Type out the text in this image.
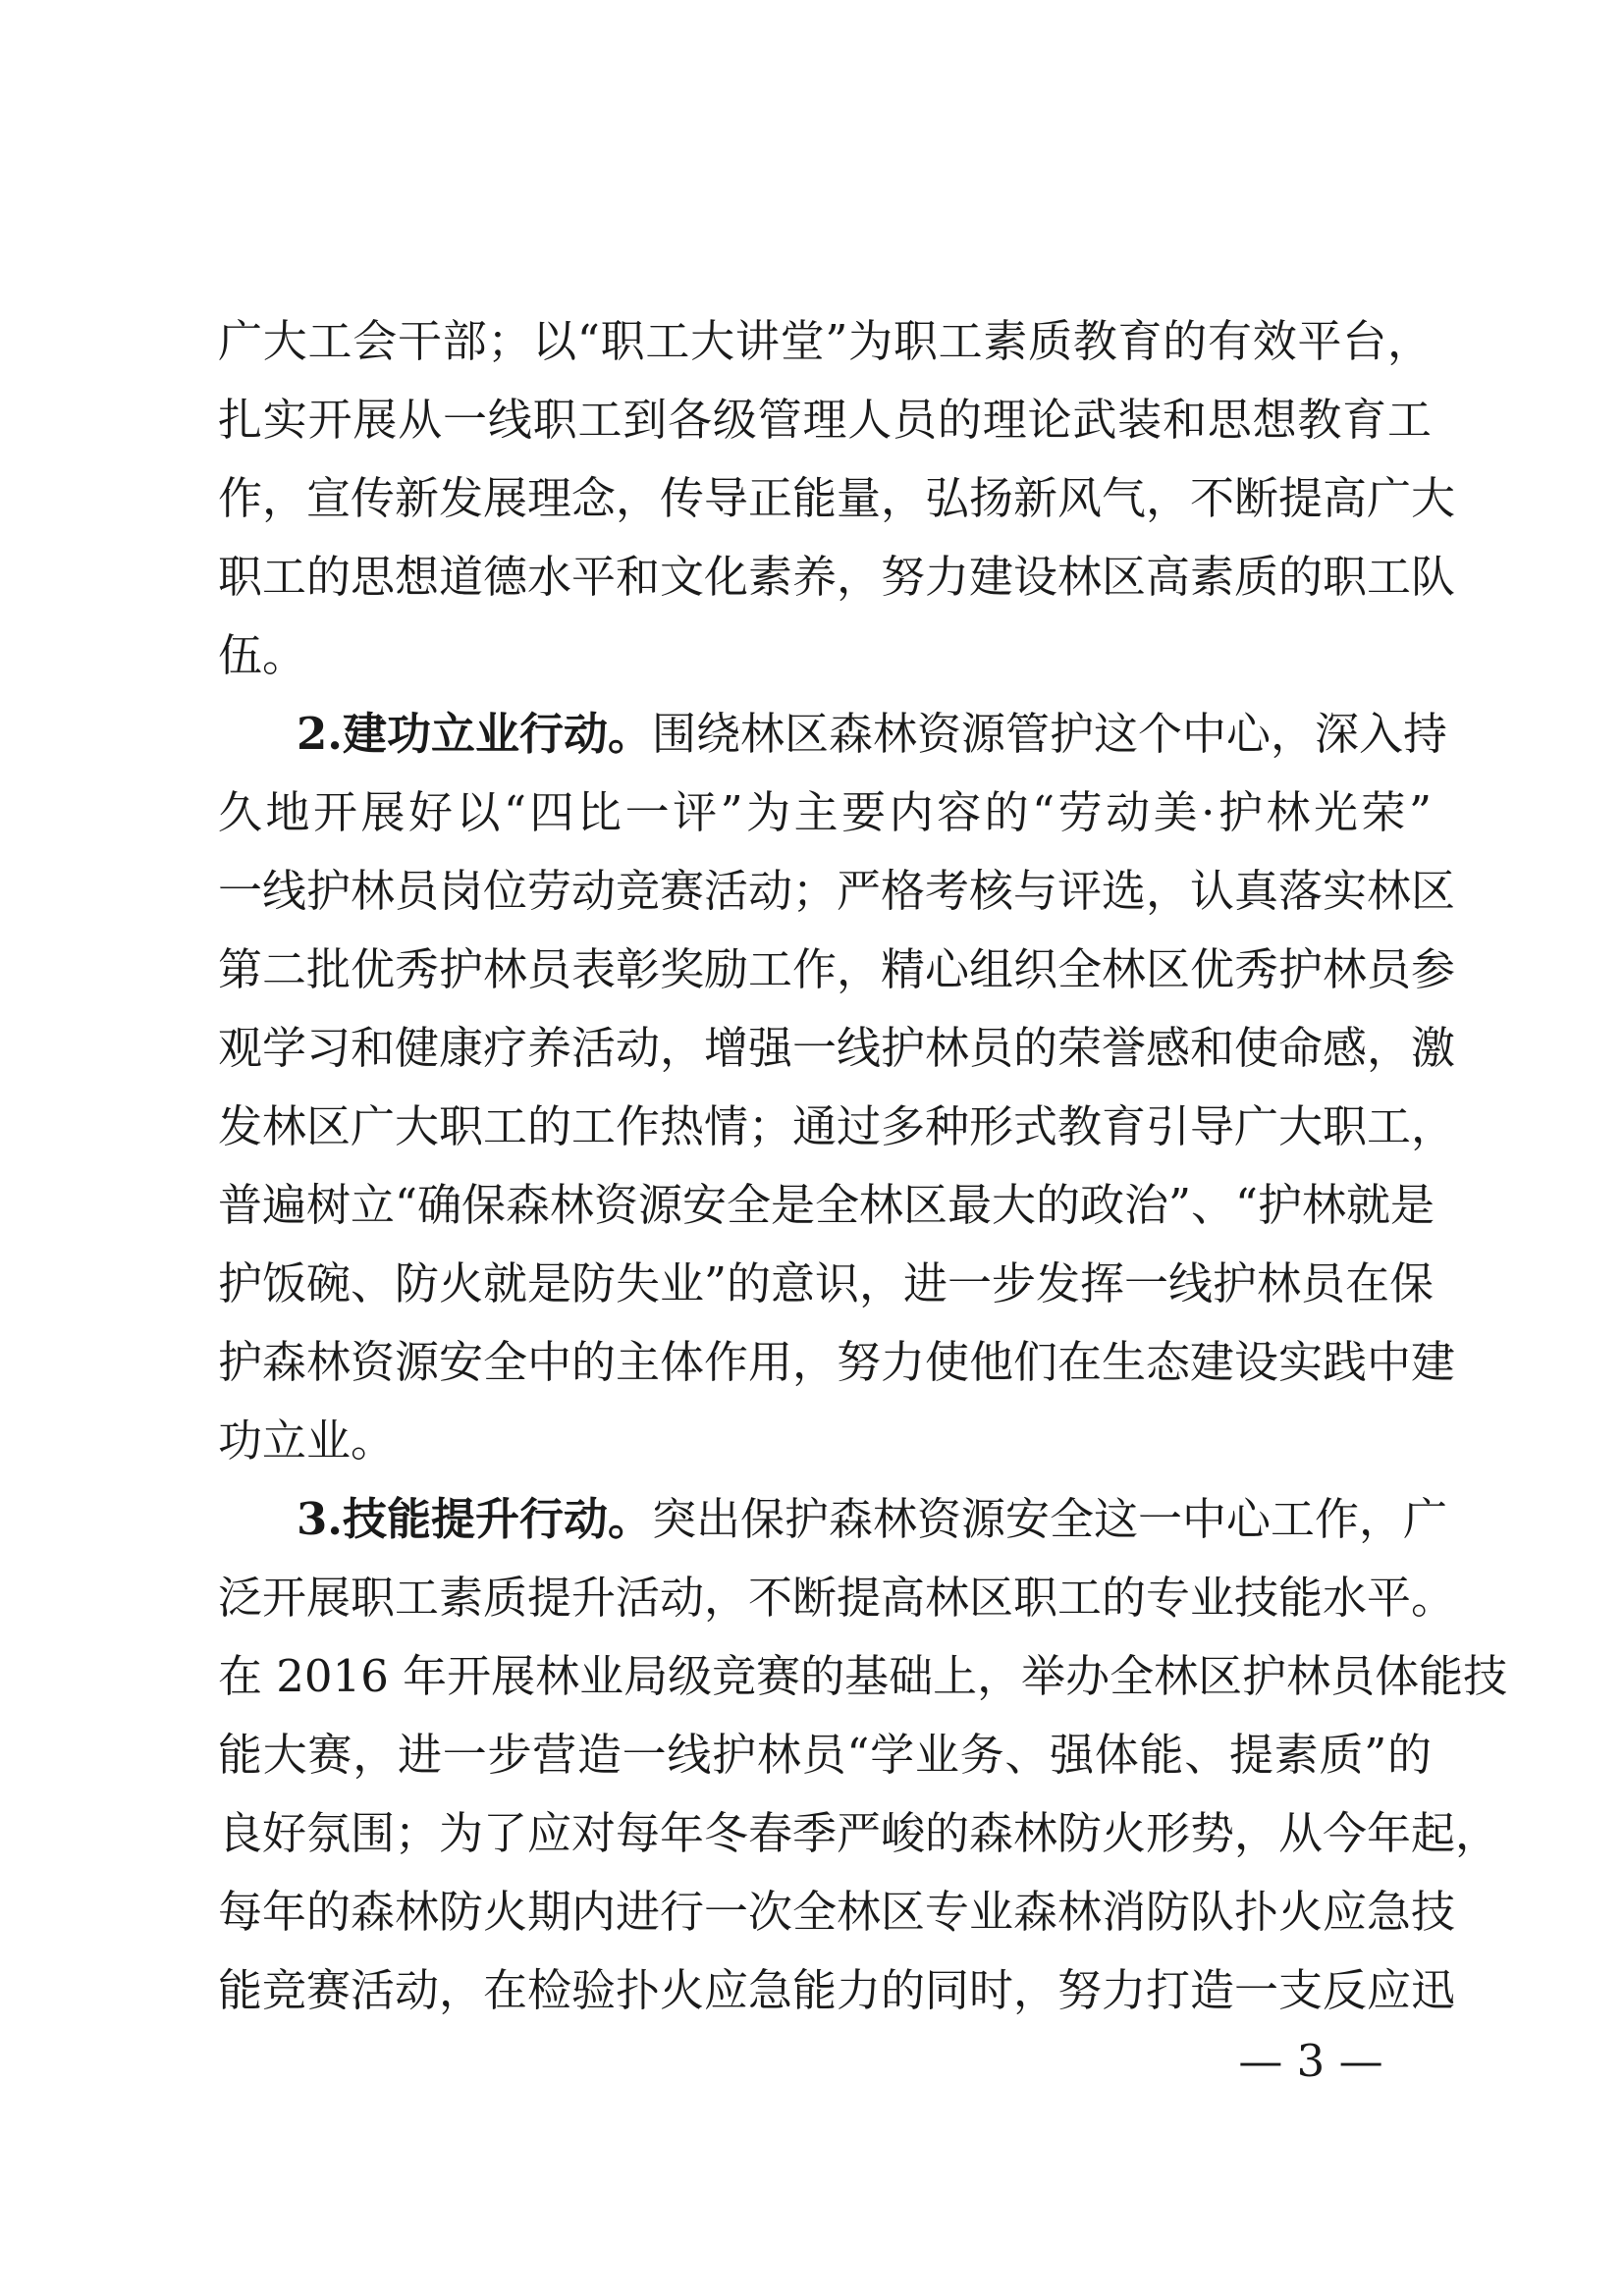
广大工会干部；以“职工大讲堂”为职工素质教育的有效平台，
扎实开展从一线职工到各级管理人员的理论武装和思想教育工
作，宣传新发展理念，传导正能量，弘扬新风气，不断提高广大
职工的思想道德水平和文化素养，努力建设林区高素质的职工队
伍。
2.建功立业行动。围绕林区森林资源管护这个中心，深入持
久地开展好以“四比一评”为主要内容的“劳动美·护林光荣”
一线护林员岗位劳动竞赛活动；严格考核与评选，认真落实林区
第二批优秀护林员表彰奖励工作，精心组织全林区优秀护林员参
观学习和健康疗养活动，增强一线护林员的荣誉感和使命感，激
发林区广大职工的工作热情；通过多种形式教育引导广大职工，
普遍树立“确保森林资源安全是全林区最大的政治”、“护林就是
护饭碗、防火就是防失业”的意识，进一步发挥一线护林员在保
护森林资源安全中的主体作用，努力使他们在生态建设实践中建
功立业。
3.技能提升行动。突出保护森林资源安全这一中心工作，广
泛开展职工素质提升活动，不断提高林区职工的专业技能水平。
在 2016 年开展林业局级竞赛的基础上，举办全林区护林员体能技
能大赛，进一步营造一线护林员“学业务、强体能、提素质”的
良好氛围；为了应对每年冬春季严峻的森林防火形势，从今年起，
每年的森林防火期内进行一次全林区专业森林消防队扑火应急技
能竞赛活动，在检验扑火应急能力的同时，努力打造一支反应迅
— 3 —
